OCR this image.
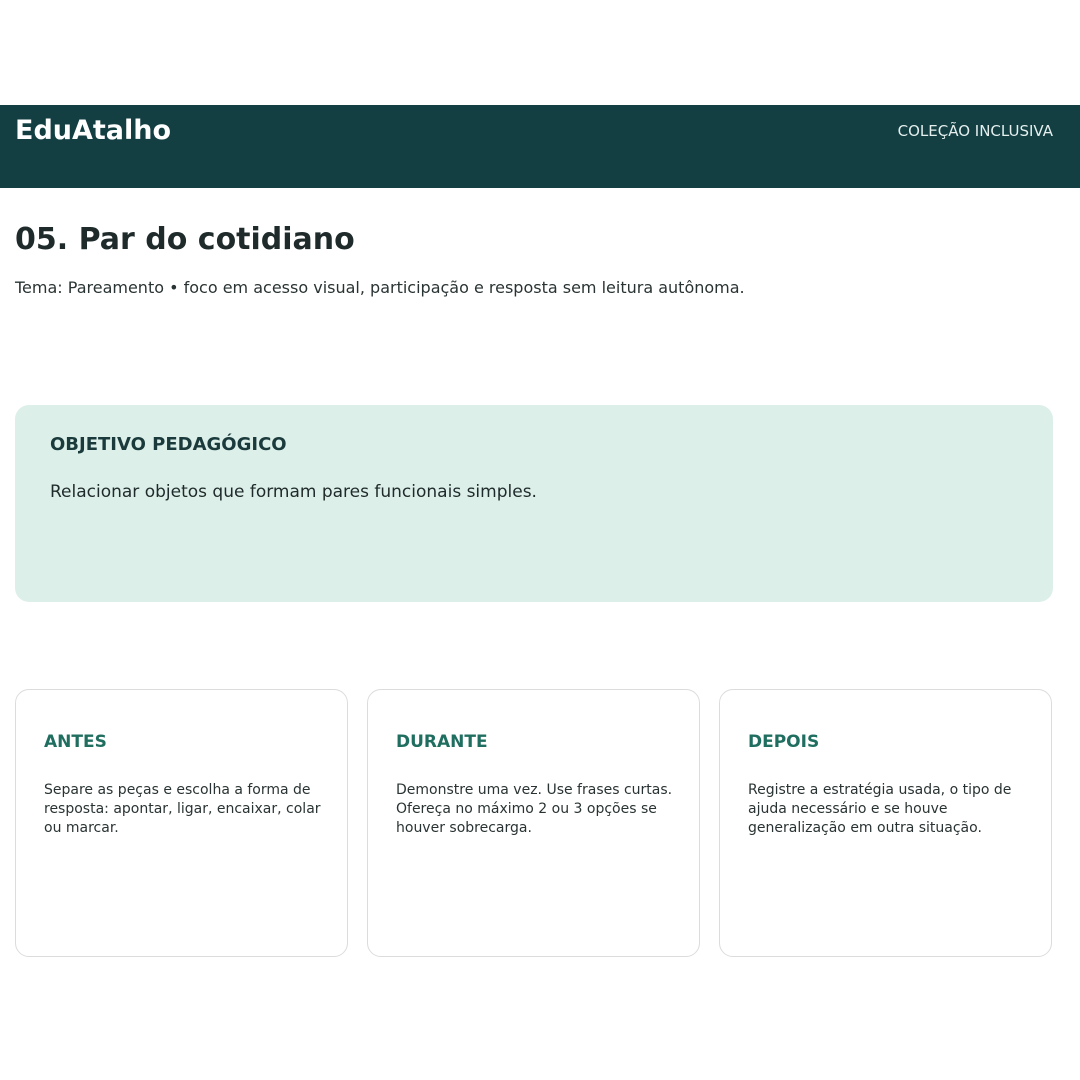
EduAtalho	COLEÇÃO INCLUSIVA
05. Par do cotidiano

Tema: Pareamento • foco em acesso visual, participação e resposta sem leitura autônoma.

OBJETIVO PEDAGÓGICO

Relacionar objetos que formam pares funcionais simples.

ANTES

Separe as peças e escolha a forma de resposta: apontar, ligar, encaixar, colar ou marcar.

DURANTE

Demonstre uma vez. Use frases curtas. Ofereça no máximo 2 ou 3 opções se houver sobrecarga.

DEPOIS

Registre a estratégia usada, o tipo de ajuda necessário e se houve generalização em outra situação.
